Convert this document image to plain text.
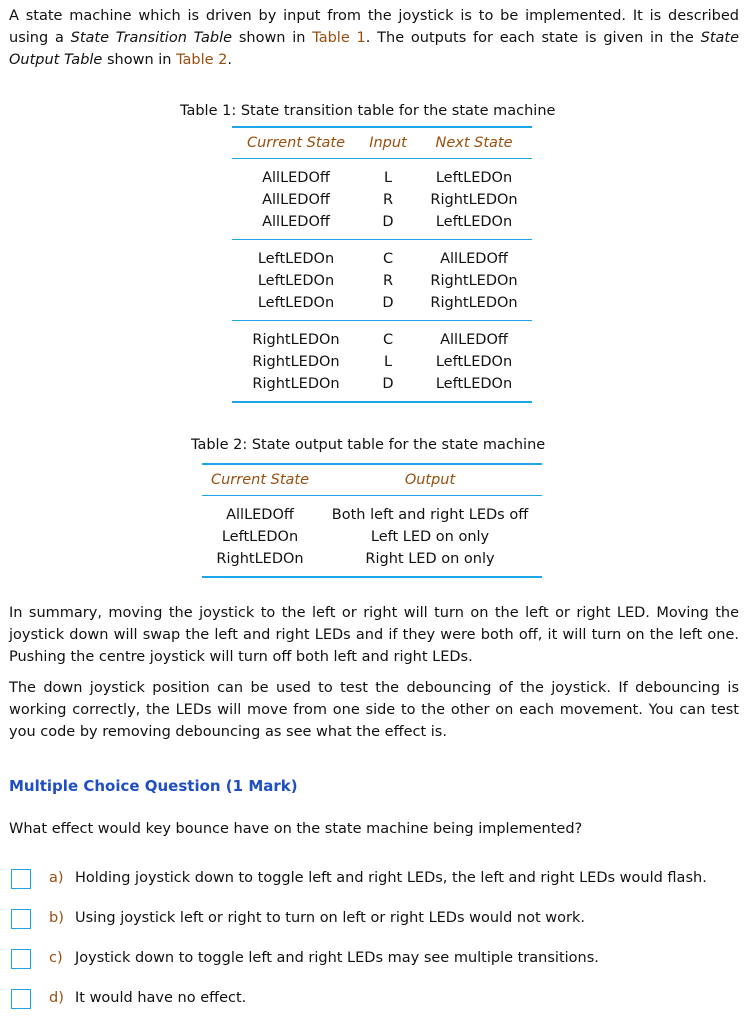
A state machine which is driven by input from the joystick is to be implemented. It is described using a State Transition Table shown in Table 1. The outputs for each state is given in the State Output Table shown in Table 2.
Table 1: State transition table for the state machine
Current State	Input	Next State
AllLEDOff	L	LeftLEDOn
AllLEDOff	R	RightLEDOn
AllLEDOff	D	LeftLEDOn
LeftLEDOn	C	AllLEDOff
LeftLEDOn	R	RightLEDOn
LeftLEDOn	D	RightLEDOn
RightLEDOn	C	AllLEDOff
RightLEDOn	L	LeftLEDOn
RightLEDOn	D	LeftLEDOn
Table 2: State output table for the state machine
Current State	Output
AllLEDOff	Both left and right LEDs off
LeftLEDOn	Left LED on only
RightLEDOn	Right LED on only
In summary, moving the joystick to the left or right will turn on the left or right LED. Moving the joystick down will swap the left and right LEDs and if they were both off, it will turn on the left one. Pushing the centre joystick will turn off both left and right LEDs.
The down joystick position can be used to test the debouncing of the joystick. If debouncing is working correctly, the LEDs will move from one side to the other on each movement. You can test you code by removing debouncing as see what the effect is.
Multiple Choice Question (1 Mark)
What effect would key bounce have on the state machine being implemented?
a) Holding joystick down to toggle left and right LEDs, the left and right LEDs would flash.
b) Using joystick left or right to turn on left or right LEDs would not work.
c) Joystick down to toggle left and right LEDs may see multiple transitions.
d) It would have no effect.
